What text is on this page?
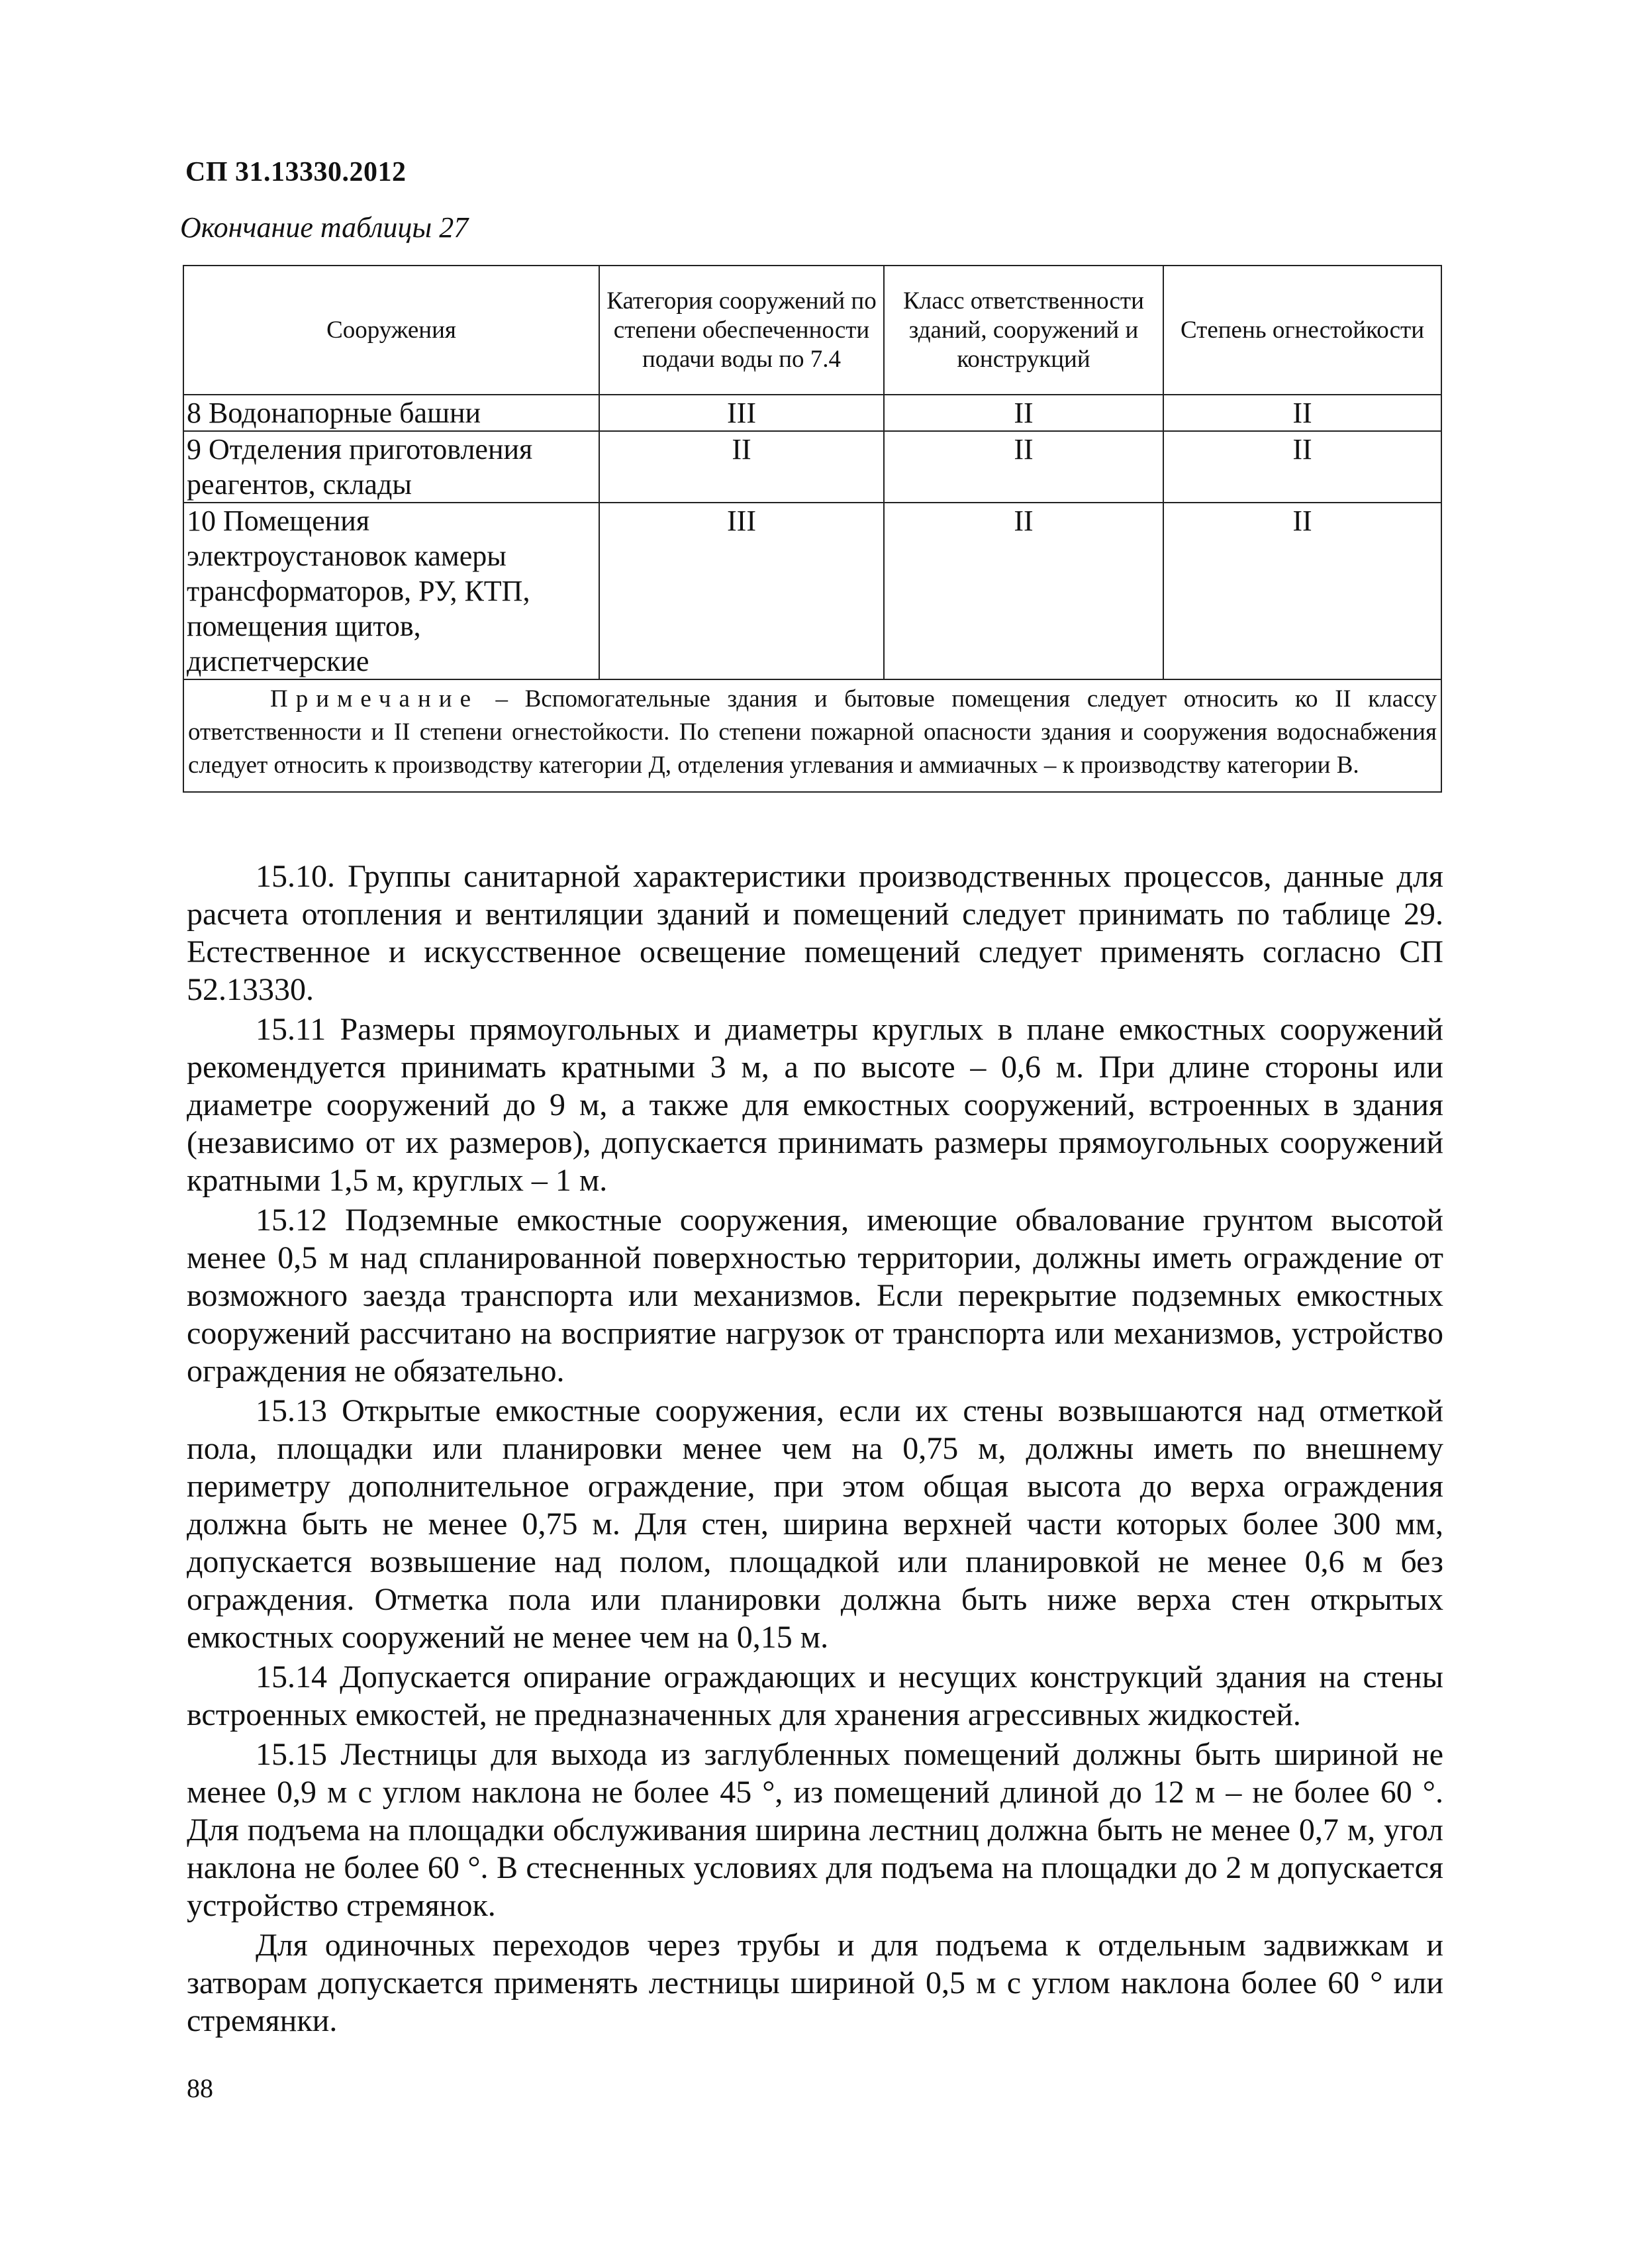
СП 31.13330.2012
Окончание таблицы 27
Сооружения	Категория сооружений по степени обеспеченности подачи воды по 7.4	Класс ответственности зданий, сооружений и конструкций	Степень огнестойкости
8 Водонапорные башни	III	II	II
9 Отделения приготовления реагентов, склады	II	II	II
10 Помещения электроустановок камеры трансформаторов, РУ, КТП, помещения щитов, диспетчерские	III	II	II
Примечание – Вспомогательные здания и бытовые помещения следует относить ко II классу ответственности и II степени огнестойкости. По степени пожарной опасности здания и сооружения водоснабжения следует относить к производству категории Д, отделения углевания и аммиачных – к производству категории В.			

15.10. Группы санитарной характеристики производственных процессов, данные для расчета отопления и вентиляции зданий и помещений следует принимать по таблице 29. Естественное и искусственное освещение помещений следует применять согласно СП 52.13330.

15.11 Размеры прямоугольных и диаметры круглых в плане емкостных сооружений рекомендуется принимать кратными 3 м, а по высоте – 0,6 м. При длине стороны или диаметре сооружений до 9 м, а также для емкостных сооружений, встроенных в здания (независимо от их размеров), допускается принимать размеры прямоугольных сооружений кратными 1,5 м, круглых – 1 м.

15.12 Подземные емкостные сооружения, имеющие обвалование грунтом высотой менее 0,5 м над спланированной поверхностью территории, должны иметь ограждение от возможного заезда транспорта или механизмов. Если перекрытие подземных емкостных сооружений рассчитано на восприятие нагрузок от транспорта или механизмов, устройство ограждения не обязательно.

15.13 Открытые емкостные сооружения, если их стены возвышаются над отметкой пола, площадки или планировки менее чем на 0,75 м, должны иметь по внешнему периметру дополнительное ограждение, при этом общая высота до верха ограждения должна быть не менее 0,75 м. Для стен, ширина верхней части которых более 300 мм, допускается возвышение над полом, площадкой или планировкой не менее 0,6 м без ограждения. Отметка пола или планировки должна быть ниже верха стен открытых емкостных сооружений не менее чем на 0,15 м.

15.14 Допускается опирание ограждающих и несущих конструкций здания на стены встроенных емкостей, не предназначенных для хранения агрессивных жидкостей.

15.15 Лестницы для выхода из заглубленных помещений должны быть шириной не менее 0,9 м с углом наклона не более 45 °, из помещений длиной до 12 м – не более 60 °. Для подъема на площадки обслуживания ширина лестниц должна быть не менее 0,7 м, угол наклона не более 60 °. В стесненных условиях для подъема на площадки до 2 м допускается устройство стремянок.

Для одиночных переходов через трубы и для подъема к отдельным задвижкам и затворам допускается применять лестницы шириной 0,5 м с углом наклона более 60 ° или стремянки.

88
